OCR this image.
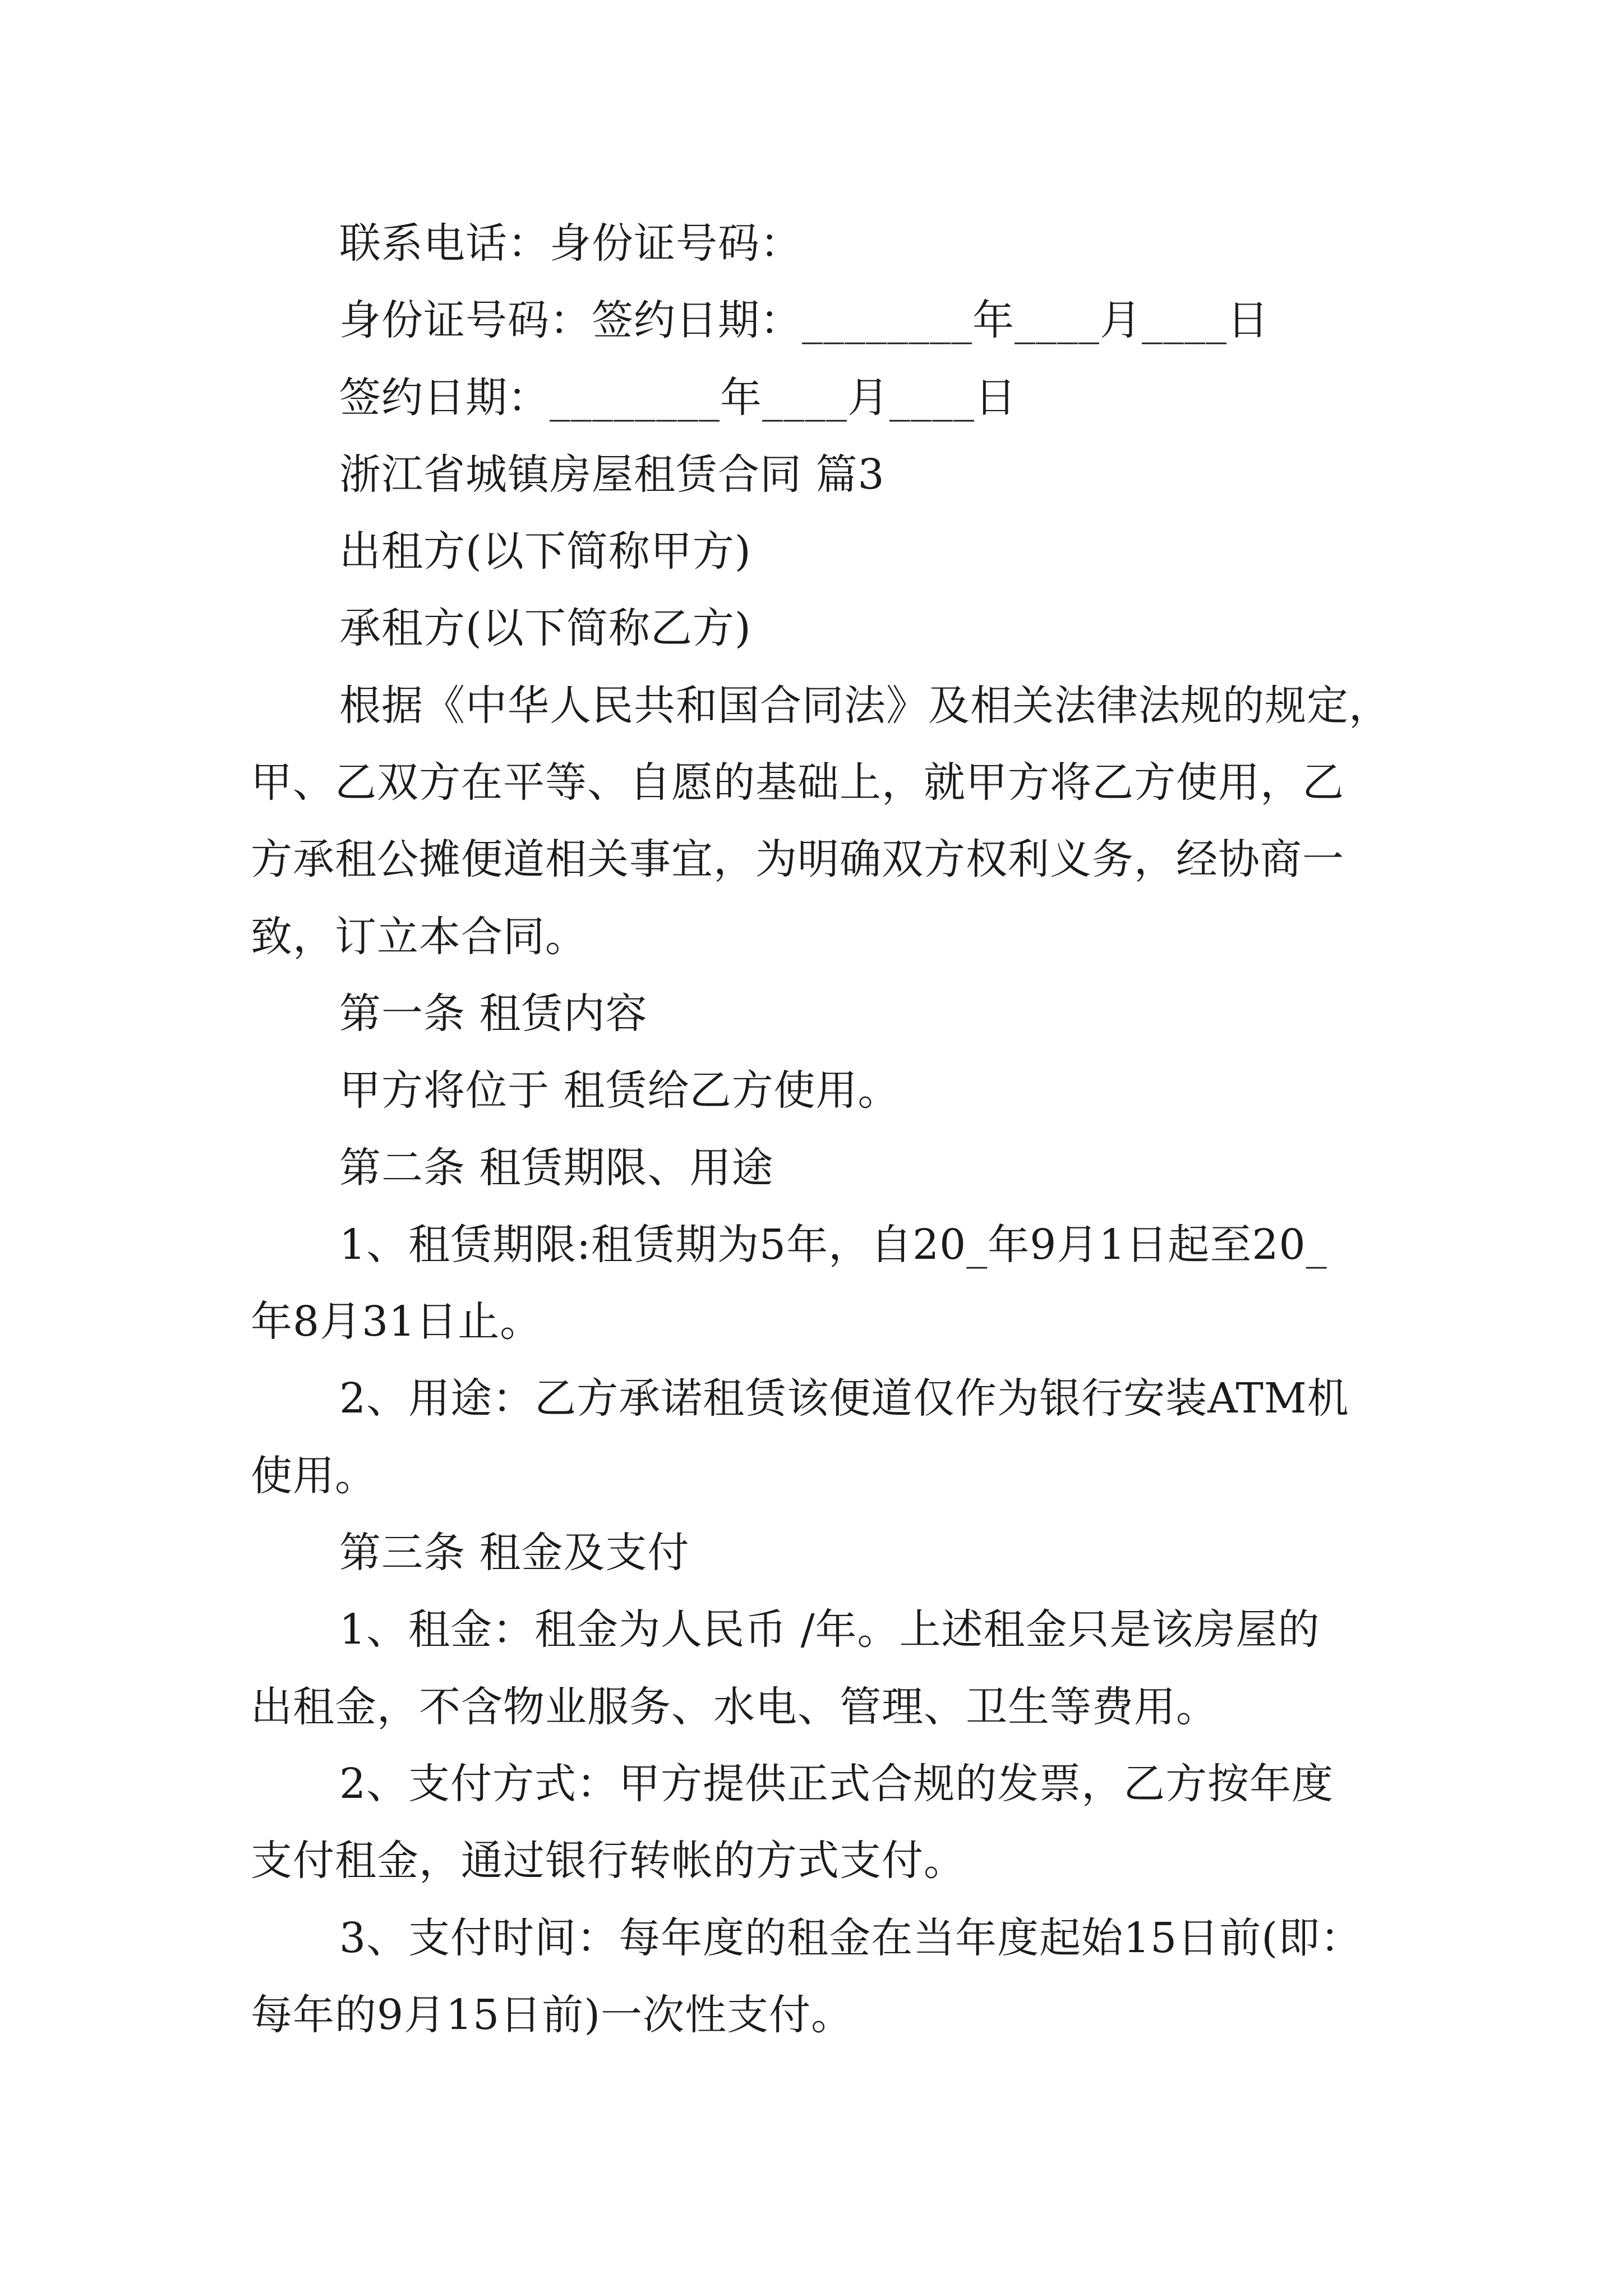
联系电话：身份证号码：
身份证号码：签约日期：________年____月____日
签约日期：________年____月____日
浙江省城镇房屋租赁合同 篇3
出租方(以下简称甲方)
承租方(以下简称乙方)
根据《中华人民共和国合同法》及相关法律法规的规定，
甲、乙双方在平等、自愿的基础上，就甲方将乙方使用，乙
方承租公摊便道相关事宜，为明确双方权利义务，经协商一
致，订立本合同。
第一条 租赁内容
甲方将位于 租赁给乙方使用。
第二条 租赁期限、用途
1、租赁期限:租赁期为5年，自20_年9月1日起至20_
年8月31日止。
2、用途：乙方承诺租赁该便道仅作为银行安装ATM机
使用。
第三条 租金及支付
1、租金：租金为人民币 /年。上述租金只是该房屋的
出租金，不含物业服务、水电、管理、卫生等费用。
2、支付方式：甲方提供正式合规的发票，乙方按年度
支付租金，通过银行转帐的方式支付。
3、支付时间：每年度的租金在当年度起始15日前(即：
每年的9月15日前)一次性支付。
